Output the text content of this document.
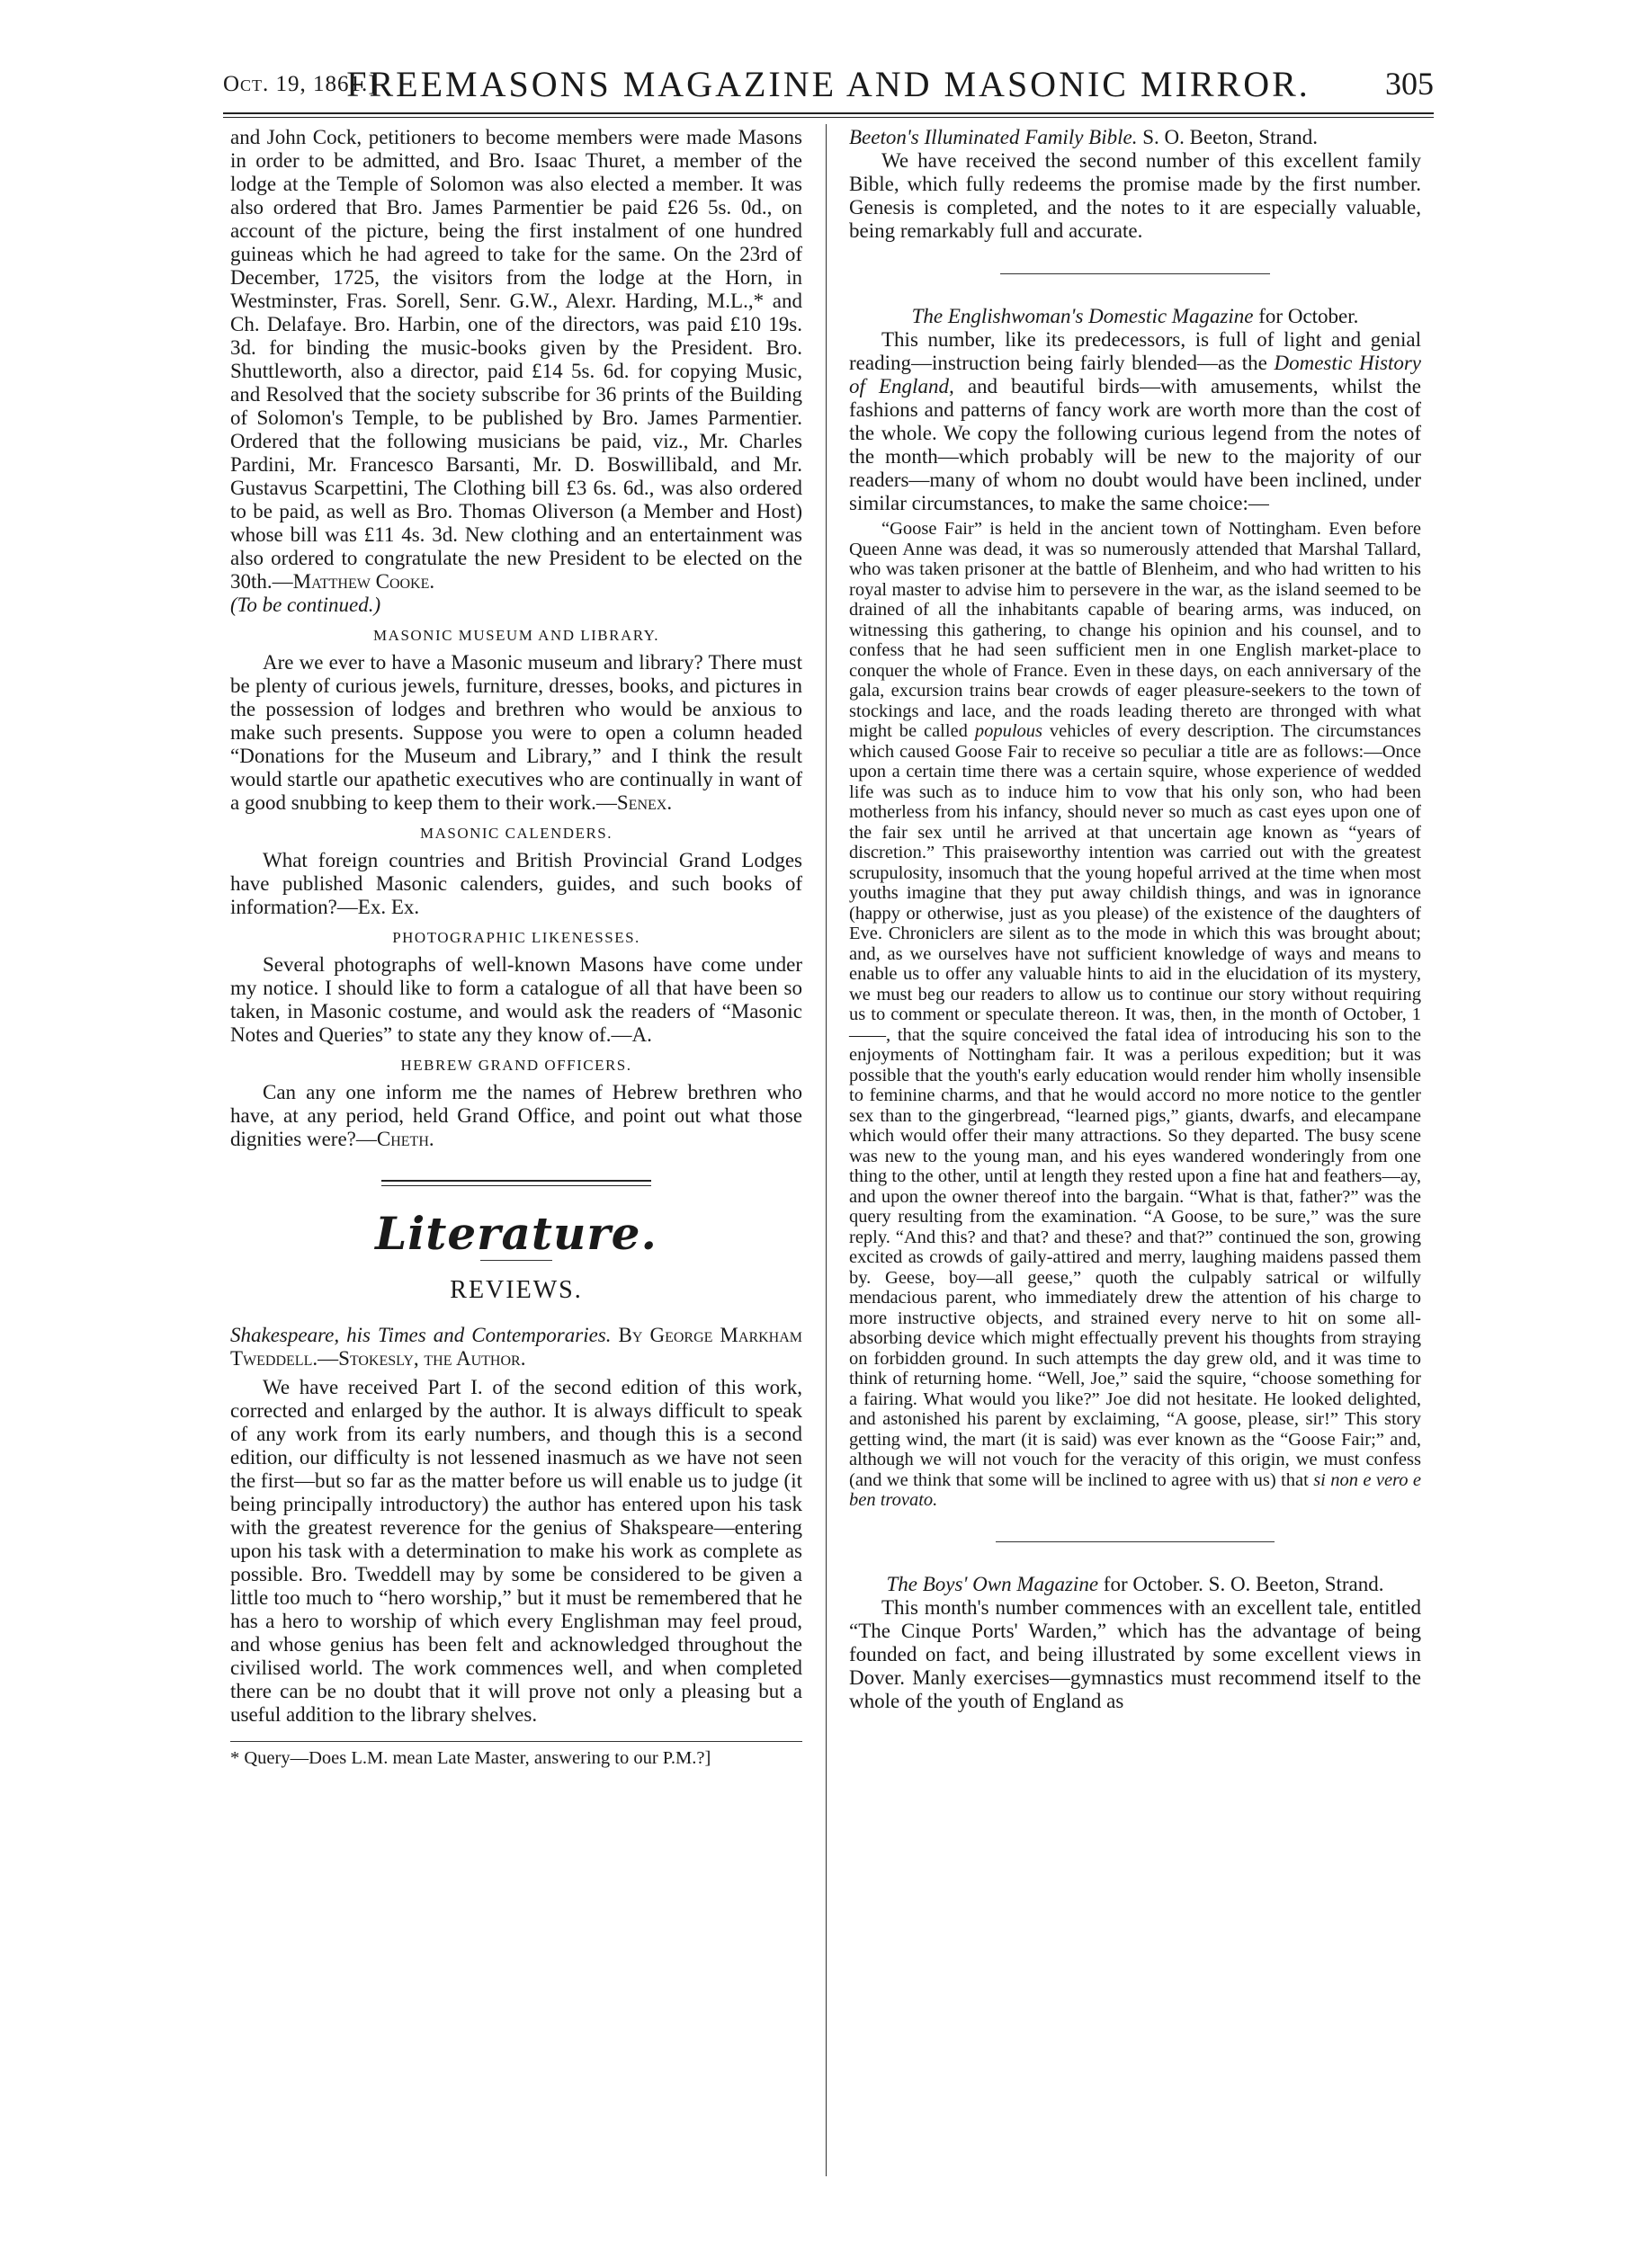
Oct. 19, 1861.]
FREEMASONS MAGAZINE AND MASONIC MIRROR.	305

and John Cock, petitioners to become members were made Masons in order to be admitted, and Bro. Isaac Thuret, a member of the lodge at the Temple of Solomon was also elected a member. It was also ordered that Bro. James Parmentier be paid £26 5s. 0d., on account of the picture, being the first instalment of one hundred guineas which he had agreed to take for the same. On the 23rd of December, 1725, the visitors from the lodge at the Horn, in Westminster, Fras. Sorell, Senr. G.W., Alexr. Harding, M.L.,* and Ch. Delafaye. Bro. Harbin, one of the directors, was paid £10 19s. 3d. for binding the music-books given by the President. Bro. Shuttleworth, also a director, paid £14 5s. 6d. for copying Music, and Resolved that the society subscribe for 36 prints of the Building of Solomon's Temple, to be published by Bro. James Parmentier. Ordered that the following musicians be paid, viz., Mr. Charles Pardini, Mr. Francesco Barsanti, Mr. D. Boswillibald, and Mr. Gustavus Scarpettini, The Clothing bill £3 6s. 6d., was also ordered to be paid, as well as Bro. Thomas Oliverson (a Member and Host) whose bill was £11 4s. 3d. New clothing and an entertainment was also ordered to congratulate the new President to be elected on the 30th.—Matthew Cooke.

(To be continued.)

MASONIC MUSEUM AND LIBRARY.

Are we ever to have a Masonic museum and library? There must be plenty of curious jewels, furniture, dresses, books, and pictures in the possession of lodges and brethren who would be anxious to make such presents. Suppose you were to open a column headed “Donations for the Museum and Library,” and I think the result would startle our apathetic executives who are continually in want of a good snubbing to keep them to their work.—Senex.

MASONIC CALENDERS.

What foreign countries and British Provincial Grand Lodges have published Masonic calenders, guides, and such books of information?—Ex. Ex.

PHOTOGRAPHIC LIKENESSES.

Several photographs of well-known Masons have come under my notice. I should like to form a catalogue of all that have been so taken, in Masonic costume, and would ask the readers of “Masonic Notes and Queries” to state any they know of.—A.

HEBREW GRAND OFFICERS.

Can any one inform me the names of Hebrew brethren who have, at any period, held Grand Office, and point out what those dignities were?—Cheth.

Literature.
REVIEWS.

Shakespeare, his Times and Contemporaries. By George Markham Tweddell.—Stokesly, the Author.

We have received Part I. of the second edition of this work, corrected and enlarged by the author. It is always difficult to speak of any work from its early numbers, and though this is a second edition, our difficulty is not lessened inasmuch as we have not seen the first—but so far as the matter before us will enable us to judge (it being principally introductory) the author has entered upon his task with the greatest reverence for the genius of Shakspeare—entering upon his task with a determination to make his work as complete as possible. Bro. Tweddell may by some be considered to be given a little too much to “hero worship,” but it must be remembered that he has a hero to worship of which every Englishman may feel proud, and whose genius has been felt and acknowledged throughout the civilised world. The work commences well, and when completed there can be no doubt that it will prove not only a pleasing but a useful addition to the library shelves.

* Query—Does L.M. mean Late Master, answering to our P.M.?]

Beeton's Illuminated Family Bible. S. O. Beeton, Strand.

We have received the second number of this excellent family Bible, which fully redeems the promise made by the first number. Genesis is completed, and the notes to it are especially valuable, being remarkably full and accurate.

The Englishwoman's Domestic Magazine for October.

This number, like its predecessors, is full of light and genial reading—instruction being fairly blended—as the Domestic History of England, and beautiful birds—with amusements, whilst the fashions and patterns of fancy work are worth more than the cost of the whole. We copy the following curious legend from the notes of the month—which probably will be new to the majority of our readers—many of whom no doubt would have been inclined, under similar circumstances, to make the same choice:—

“Goose Fair” is held in the ancient town of Nottingham. Even before Queen Anne was dead, it was so numerously attended that Marshal Tallard, who was taken prisoner at the battle of Blenheim, and who had written to his royal master to advise him to persevere in the war, as the island seemed to be drained of all the inhabitants capable of bearing arms, was induced, on witnessing this gathering, to change his opinion and his counsel, and to confess that he had seen sufficient men in one English market-place to conquer the whole of France. Even in these days, on each anniversary of the gala, excursion trains bear crowds of eager pleasure-seekers to the town of stockings and lace, and the roads leading thereto are thronged with what might be called populous vehicles of every description. The circumstances which caused Goose Fair to receive so peculiar a title are as follows:—Once upon a certain time there was a certain squire, whose experience of wedded life was such as to induce him to vow that his only son, who had been motherless from his infancy, should never so much as cast eyes upon one of the fair sex until he arrived at that uncertain age known as “years of discretion.” This praiseworthy intention was carried out with the greatest scrupulosity, insomuch that the young hopeful arrived at the time when most youths imagine that they put away childish things, and was in ignorance (happy or otherwise, just as you please) of the existence of the daughters of Eve. Chroniclers are silent as to the mode in which this was brought about; and, as we ourselves have not sufficient knowledge of ways and means to enable us to offer any valuable hints to aid in the elucidation of its mystery, we must beg our readers to allow us to continue our story without requiring us to comment or speculate thereon. It was, then, in the month of October, 1——, that the squire conceived the fatal idea of introducing his son to the enjoyments of Nottingham fair. It was a perilous expedition; but it was possible that the youth's early education would render him wholly insensible to feminine charms, and that he would accord no more notice to the gentler sex than to the gingerbread, “learned pigs,” giants, dwarfs, and elecampane which would offer their many attractions. So they departed. The busy scene was new to the young man, and his eyes wandered wonderingly from one thing to the other, until at length they rested upon a fine hat and feathers—ay, and upon the owner thereof into the bargain. “What is that, father?” was the query resulting from the examination. “A Goose, to be sure,” was the sure reply. “And this? and that? and these? and that?” continued the son, growing excited as crowds of gaily-attired and merry, laughing maidens passed them by. Geese, boy—all geese,” quoth the culpably satrical or wilfully mendacious parent, who immediately drew the attention of his charge to more instructive objects, and strained every nerve to hit on some all-absorbing device which might effectually prevent his thoughts from straying on forbidden ground. In such attempts the day grew old, and it was time to think of returning home. “Well, Joe,” said the squire, “choose something for a fairing. What would you like?” Joe did not hesitate. He looked delighted, and astonished his parent by exclaiming, “A goose, please, sir!” This story getting wind, the mart (it is said) was ever known as the “Goose Fair;” and, although we will not vouch for the veracity of this origin, we must confess (and we think that some will be inclined to agree with us) that si non e vero e ben trovato.

The Boys' Own Magazine for October. S. O. Beeton, Strand.

This month's number commences with an excellent tale, entitled “The Cinque Ports' Warden,” which has the advantage of being founded on fact, and being illustrated by some excellent views in Dover. Manly exercises—gymnastics must recommend itself to the whole of the youth of England as
